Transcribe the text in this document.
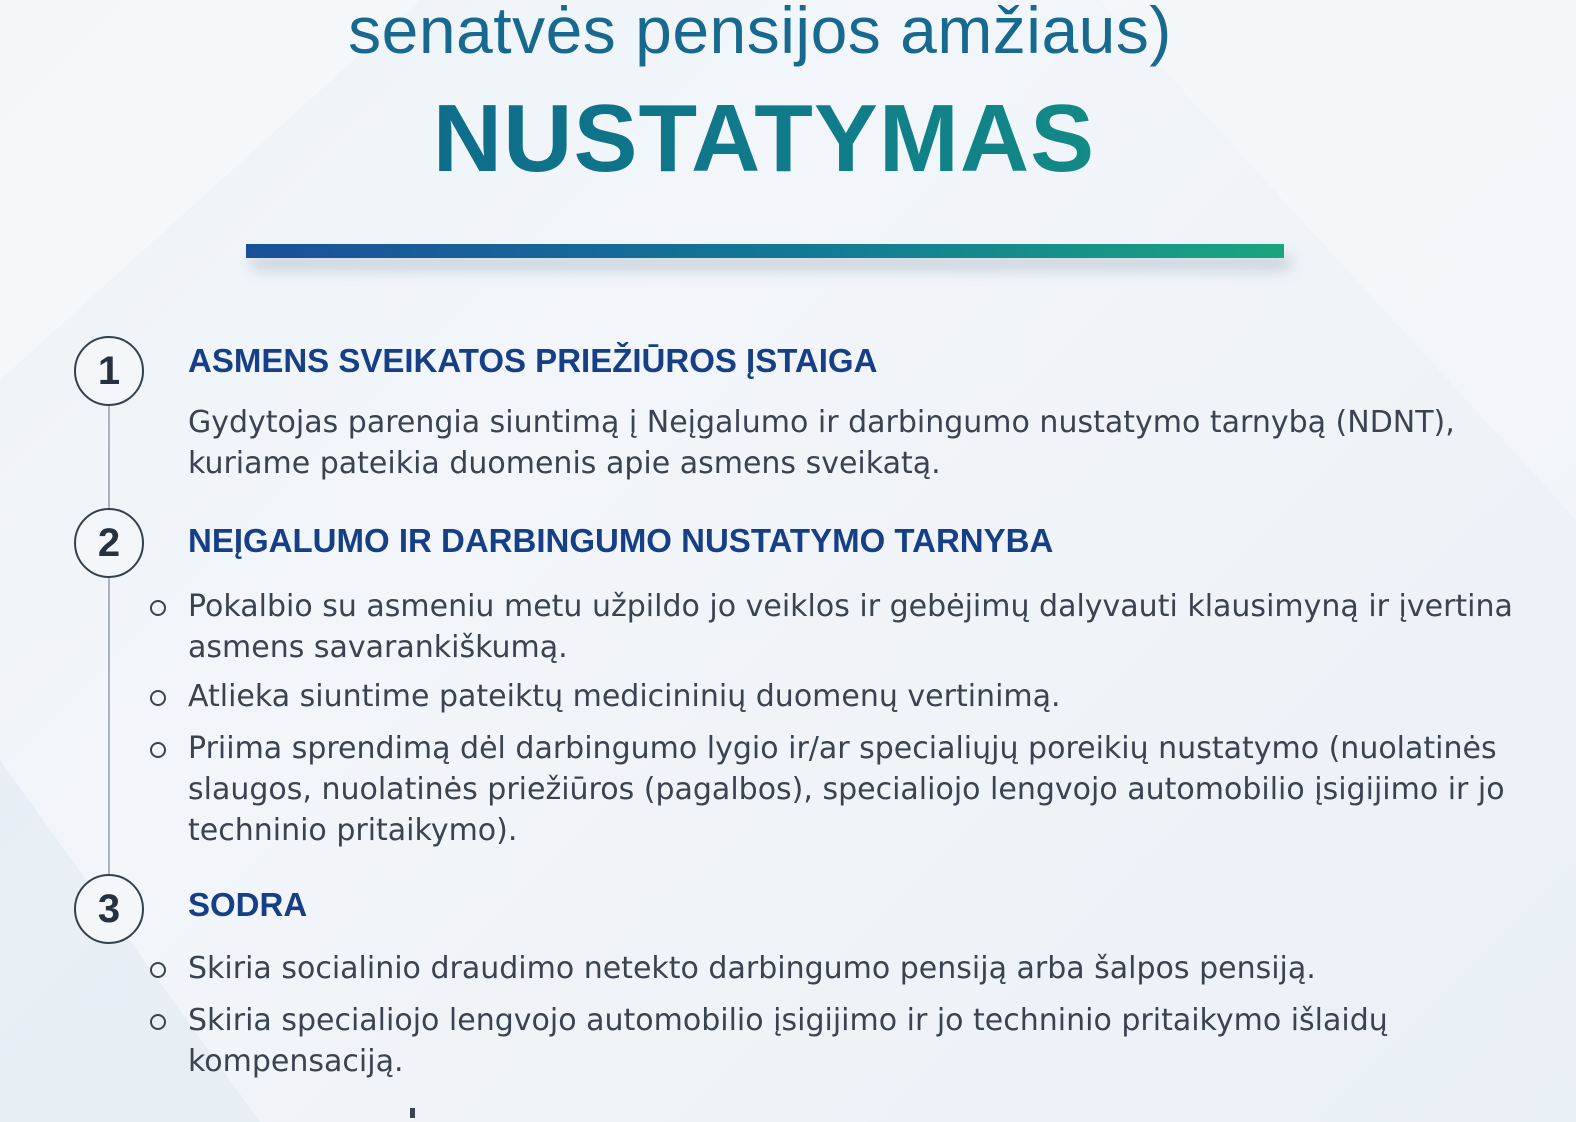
senatvės pensijos amžiaus)
NUSTATYMAS
1	ASMENS SVEIKATOS PRIEŽIŪROS ĮSTAIGA
Gydytojas parengia siuntimą į Neįgalumo ir darbingumo nustatymo tarnybą (NDNT), kuriame pateikia duomenis apie asmens sveikatą.
2	NEĮGALUMO IR DARBINGUMO NUSTATYMO TARNYBA
Pokalbio su asmeniu metu užpildo jo veiklos ir gebėjimų dalyvauti klausimyną ir įvertina asmens savarankiškumą.
Atlieka siuntime pateiktų medicininių duomenų vertinimą.
Priima sprendimą dėl darbingumo lygio ir/ar specialiųjų poreikių nustatymo (nuolatinės slaugos, nuolatinės priežiūros (pagalbos), specialiojo lengvojo automobilio įsigijimo ir jo techninio pritaikymo).
3	SODRA
Skiria socialinio draudimo netekto darbingumo pensiją arba šalpos pensiją.
Skiria specialiojo lengvojo automobilio įsigijimo ir jo techninio pritaikymo išlaidų kompensaciją.
